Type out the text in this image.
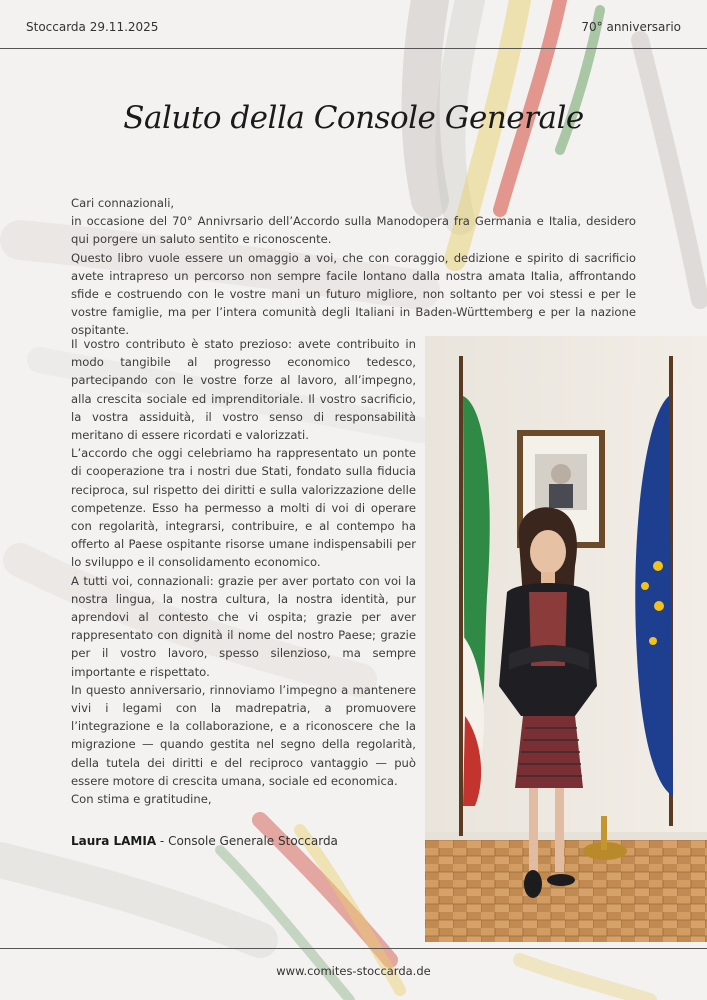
Stoccarda 29.11.2025	70° anniversario
Saluto della Console Generale

Cari connazionali,

in occasione del 70° Annivrsario dell’Accordo sulla Manodopera fra Germania e Italia, desidero qui porgere un saluto sentito e riconoscente.

Questo libro vuole essere un omaggio a voi, che con coraggio, dedizione e spirito di sacrificio avete intrapreso un percorso non sempre facile lontano dalla nostra amata Italia, affrontando sfide e costruendo con le vostre mani un futuro migliore, non soltanto per voi stessi e per le vostre famiglie, ma per l’intera comunità degli Italiani in Baden-Württemberg e per la nazione ospitante.

Il vostro contributo è stato prezioso: avete contribuito in modo tangibile al progresso economico tedesco, partecipando con le vostre forze al lavoro, all’impegno, alla crescita sociale ed imprenditoriale. Il vostro sacrificio, la vostra assiduità, il vostro senso di responsabilità meritano di essere ricordati e valorizzati.

L’accordo che oggi celebriamo ha rappresentato un ponte di cooperazione tra i nostri due Stati, fondato sulla fiducia reciproca, sul rispetto dei diritti e sulla valorizzazione delle competenze. Esso ha permesso a molti di voi di operare con regolarità, integrarsi, contribuire, e al contempo ha offerto al Paese ospitante risorse umane indispensabili per lo sviluppo e il consolidamento economico.

A tutti voi, connazionali: grazie per aver portato con voi la nostra lingua, la nostra cultura, la nostra identità, pur aprendovi al contesto che vi ospita; grazie per aver rappresentato con dignità il nome del nostro Paese; grazie per il vostro lavoro, spesso silenzioso, ma sempre importante e rispettato.

In questo anniversario, rinnoviamo l’impegno a mantenere vivi i legami con la madrepatria, a promuovere l’integrazione e la collaborazione, e a riconoscere che la migrazione — quando gestita nel segno della regolarità, della tutela dei diritti e del reciproco vantaggio — può essere motore di crescita umana, sociale ed economica.

Con stima e gratitudine,

Laura LAMIA - Console Generale Stoccarda
www.comites-stoccarda.de
